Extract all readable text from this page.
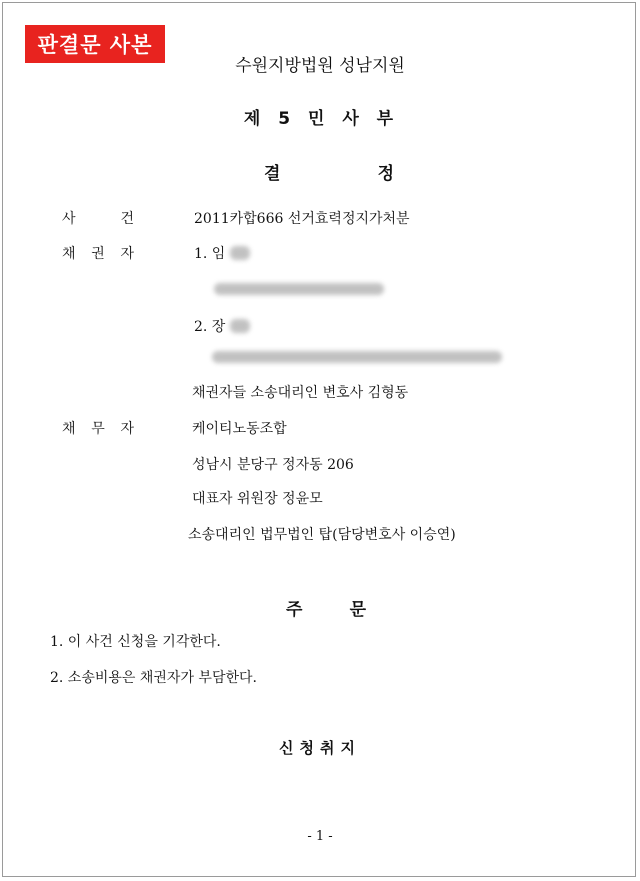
판결문 사본
수원지방법원 성남지원
제 5 민 사 부
결	정
사	건	2011카합666 선거효력정지가처분
채 권 자	1. 임
2. 장
채권자들 소송대리인 변호사 김형동
채 무 자	케이티노동조합
성남시 분당구 정자동 206
대표자 위원장 정윤모
소송대리인 법무법인 탑(담당변호사 이승연)
주	문
1. 이 사건 신청을 기각한다.
2. 소송비용은 채권자가 부담한다.
신청취지
- 1 -
